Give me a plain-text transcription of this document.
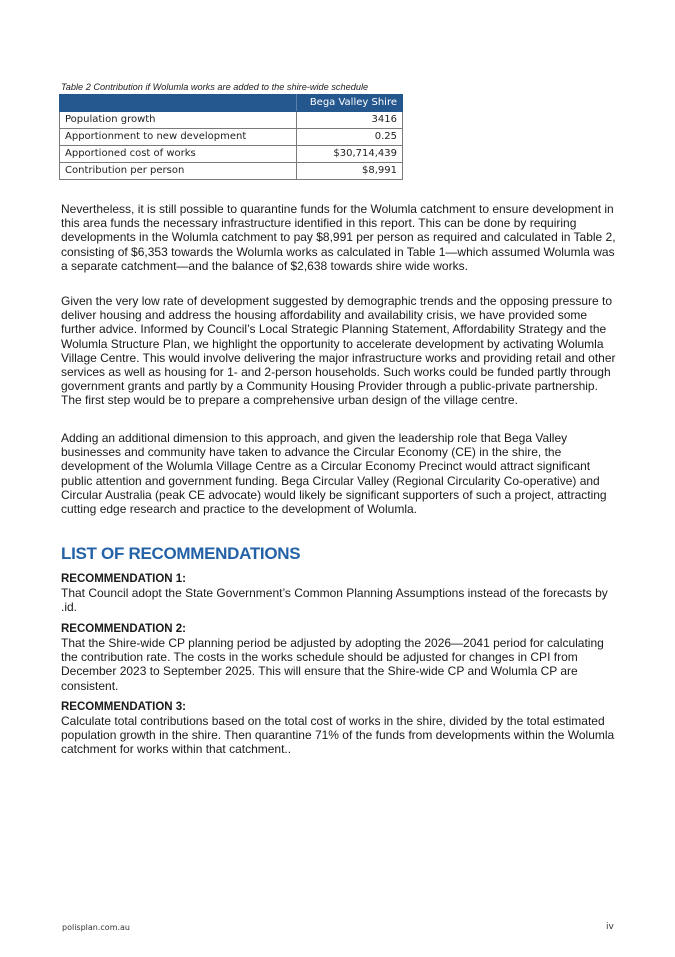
Table 2 Contribution if Wolumla works are added to the shire-wide schedule
	Bega Valley Shire
Population growth	3416
Apportionment to new development	0.25
Apportioned cost of works	$30,714,439
Contribution per person	$8,991

Nevertheless, it is still possible to quarantine funds for the Wolumla catchment to ensure development in this area funds the necessary infrastructure identified in this report. This can be done by requiring developments in the Wolumla catchment to pay $8,991 per person as required and calculated in Table 2, consisting of $6,353 towards the Wolumla works as calculated in Table 1—which assumed Wolumla was a separate catchment—and the balance of $2,638 towards shire wide works.

Given the very low rate of development suggested by demographic trends and the opposing pressure to deliver housing and address the housing affordability and availability crisis, we have provided some further advice. Informed by Council’s Local Strategic Planning Statement, Affordability Strategy and the Wolumla Structure Plan, we highlight the opportunity to accelerate development by activating Wolumla Village Centre. This would involve delivering the major infrastructure works and providing retail and other services as well as housing for 1- and 2-person households. Such works could be funded partly through government grants and partly by a Community Housing Provider through a public-private partnership. The first step would be to prepare a comprehensive urban design of the village centre.

Adding an additional dimension to this approach, and given the leadership role that Bega Valley businesses and community have taken to advance the Circular Economy (CE) in the shire, the development of the Wolumla Village Centre as a Circular Economy Precinct would attract significant public attention and government funding. Bega Circular Valley (Regional Circularity Co-operative) and Circular Australia (peak CE advocate) would likely be significant supporters of such a project, attracting cutting edge research and practice to the development of Wolumla.

LIST OF RECOMMENDATIONS
RECOMMENDATION 1:

That Council adopt the State Government’s Common Planning Assumptions instead of the forecasts by .id.

RECOMMENDATION 2:

That the Shire-wide CP planning period be adjusted by adopting the 2026—2041 period for calculating the contribution rate. The costs in the works schedule should be adjusted for changes in CPI from December 2023 to September 2025. This will ensure that the Shire-wide CP and Wolumla CP are consistent.

RECOMMENDATION 3:

Calculate total contributions based on the total cost of works in the shire, divided by the total estimated population growth in the shire. Then quarantine 71% of the funds from developments within the Wolumla catchment for works within that catchment..

polisplan.com.au	iv
